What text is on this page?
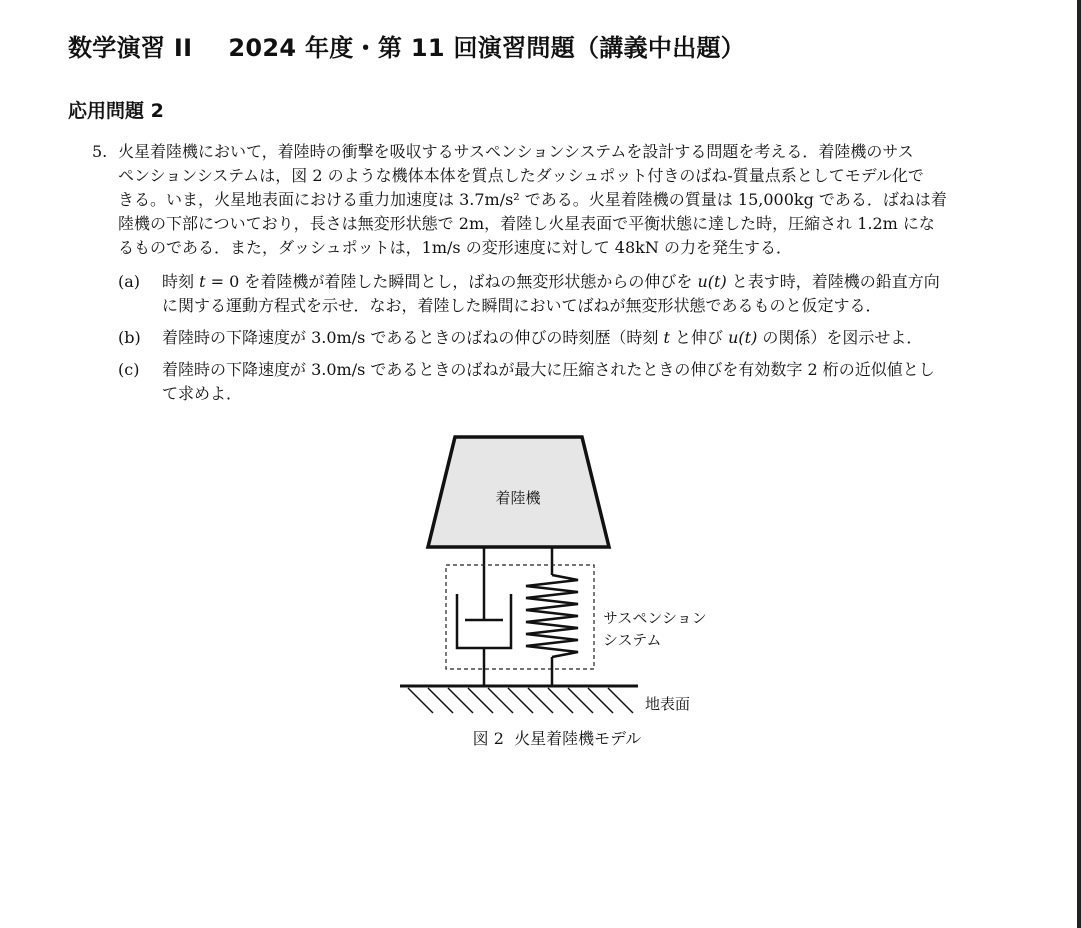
数学演習 II 2024 年度・第 11 回演習問題（講義中出題）
応用問題 2
5. 火星着陸機において，着陸時の衝撃を吸収するサスペンションシステムを設計する問題を考える．着陸機のサス
ペンションシステムは，図 2 のような機体本体を質点したダッシュポット付きのばね-質量点系としてモデル化で
きる。いま，火星地表面における重力加速度は 3.7m/s² である。火星着陸機の質量は 15,000kg である．ばねは着
陸機の下部についており，長さは無変形状態で 2m，着陸し火星表面で平衡状態に達した時，圧縮され 1.2m にな
るものである．また，ダッシュポットは，1m/s の変形速度に対して 48kN の力を発生する．
(a) 時刻 t = 0 を着陸機が着陸した瞬間とし，ばねの無変形状態からの伸びを u(t) と表す時，着陸機の鉛直方向
に関する運動方程式を示せ．なお，着陸した瞬間においてばねが無変形状態であるものと仮定する．
(b) 着陸時の下降速度が 3.0m/s であるときのばねの伸びの時刻歴（時刻 t と伸び u(t) の関係）を図示せよ．
(c) 着陸時の下降速度が 3.0m/s であるときのばねが最大に圧縮されたときの伸びを有効数字 2 桁の近似値とし
て求めよ．
着陸機
サスペンション
システム
地表面
図 2  火星着陸機モデル
